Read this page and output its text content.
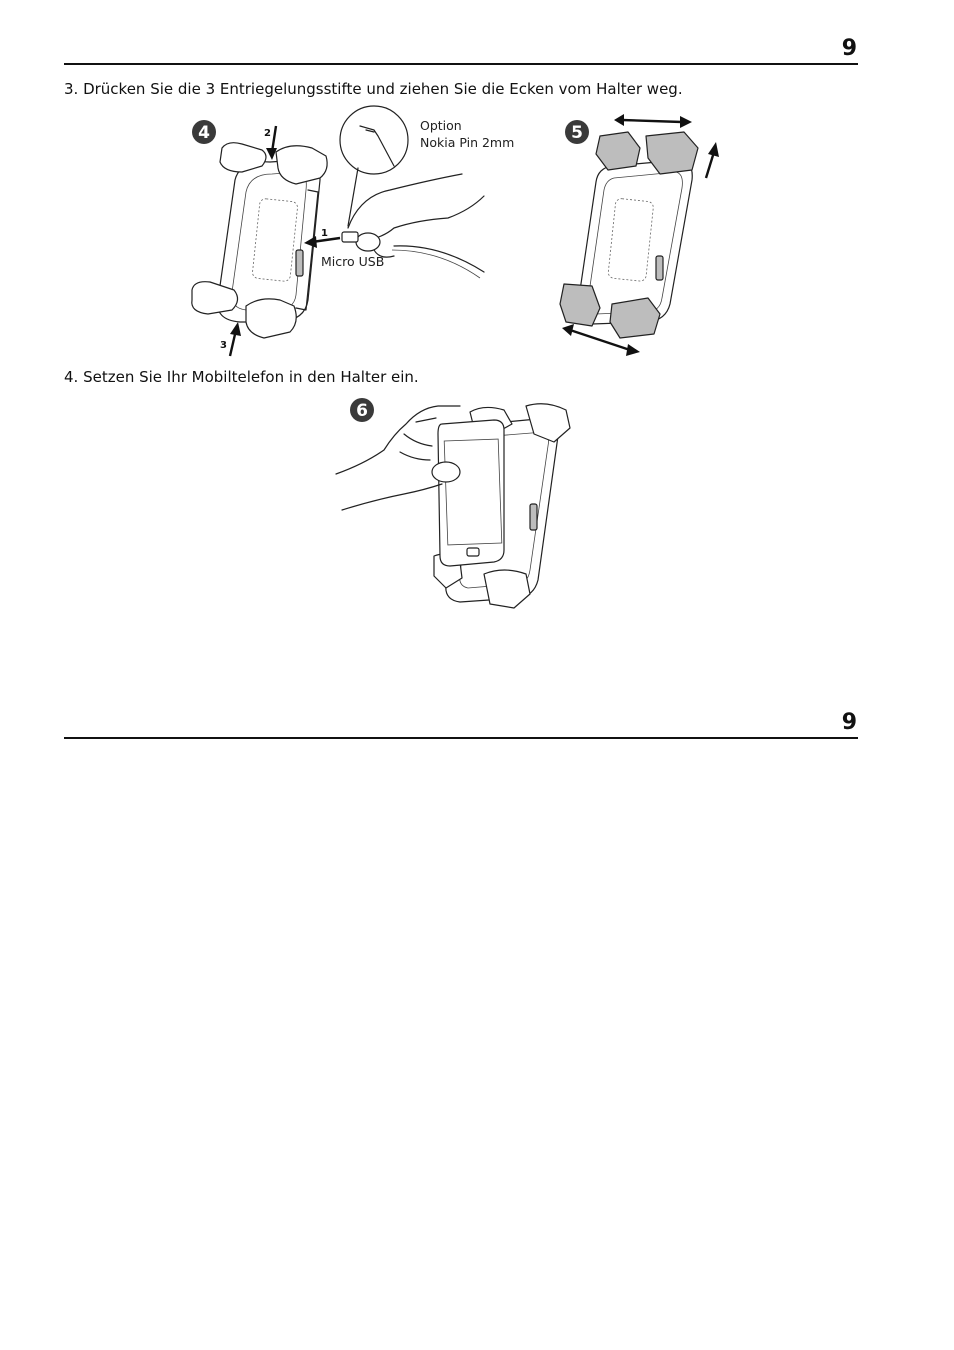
9
3. Drücken Sie die 3 Entriegelungsstifte und ziehen Sie die Ecken vom Halter weg.
4	2
1
3
Option
Nokia Pin 2mm
Micro USB
5
4. Setzen Sie Ihr Mobiltelefon in den Halter ein.
6
9
